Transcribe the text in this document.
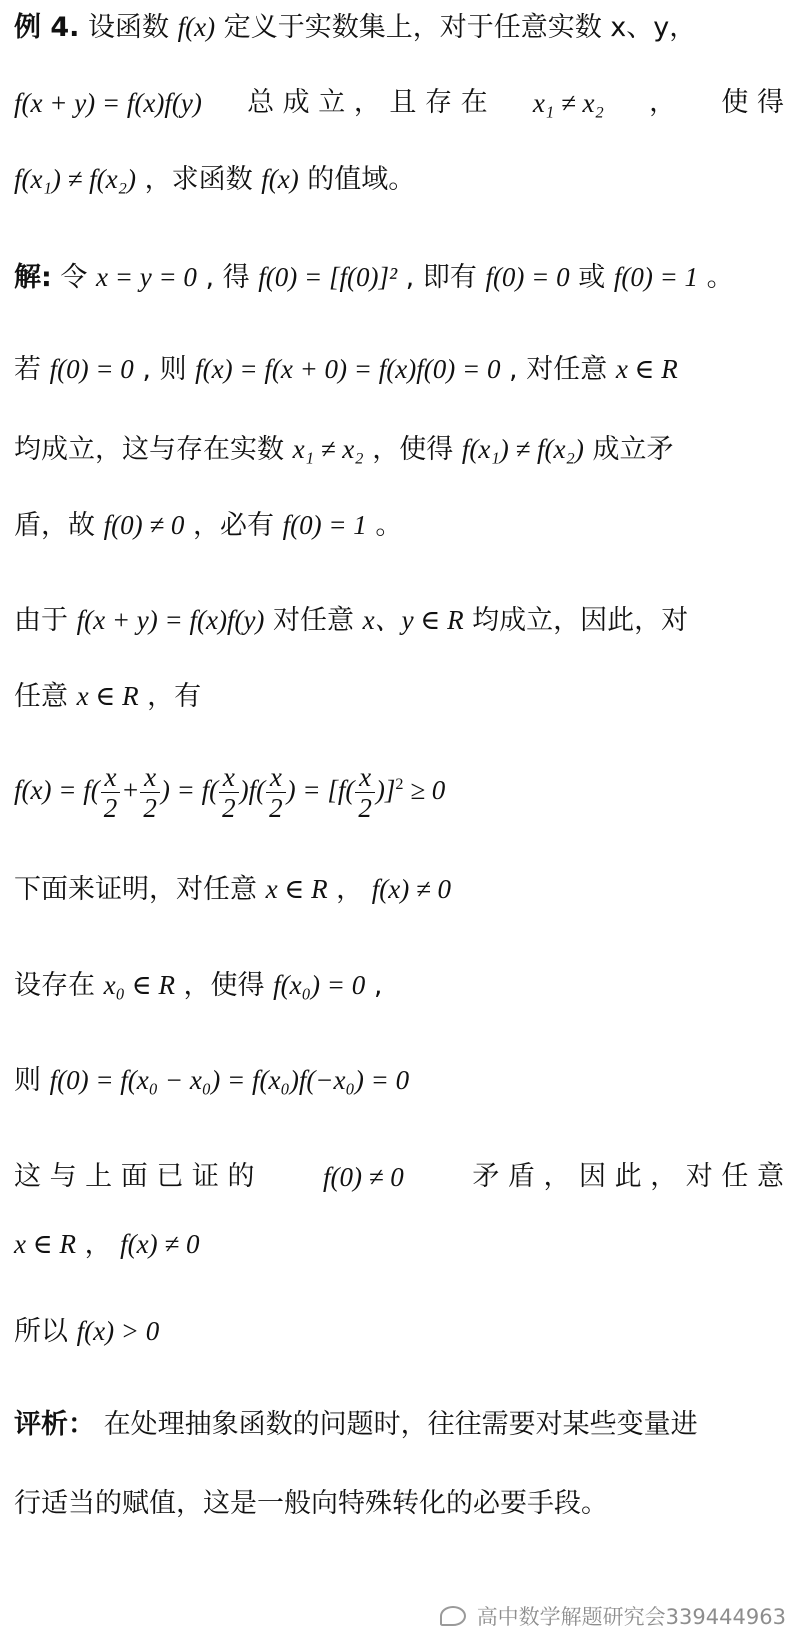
例 4. 设函数 f(x) 定义于实数集上，对于任意实数 x、y，
f(x + y) = f(x)f(y) 总 成 立 ， 且 存 在 x₁ ≠ x₂ ， 使 得
f(x₁) ≠ f(x₂) ，求函数 f(x) 的值域。
解: 令 x = y = 0 , 得 f(0) = [f(0)]² , 即有 f(0) = 0 或 f(0) = 1 。
若 f(0) = 0 , 则 f(x) = f(x + 0) = f(x)f(0) = 0 , 对任意 x ∈ R
均成立，这与存在实数 x₁ ≠ x₂ ，使得 f(x₁) ≠ f(x₂) 成立矛
盾，故 f(0) ≠ 0 ，必有 f(0) = 1 。
由于 f(x + y) = f(x)f(y) 对任意 x、y ∈ R 均成立，因此，对
任意 x ∈ R ，有
$f(x) = f( \frac{x}{2} + \frac{x}{2}$ ) = $f( \frac{x}{2} )f( \frac{x}{2}$ ) = $[f( \frac{x}{2} )]^2 \ge 0$
下面来证明，对任意 x ∈ R ， f(x) ≠ 0
设存在 x₀ ∈ R ，使得 f(x₀) = 0 ,
则 f(0) = f(x₀ − x₀) = f(x₀)f(−x₀) = 0
这 与 上 面 已 证 的	f(0) ≠ 0	矛 盾 ， 因 此 ， 对 任 意
x ∈ R ， f(x) ≠ 0
所以 f(x) > 0
评析： 在处理抽象函数的问题时，往往需要对某些变量进
行适当的赋值，这是一般向特殊转化的必要手段。
高中数学解题研究会339444963
